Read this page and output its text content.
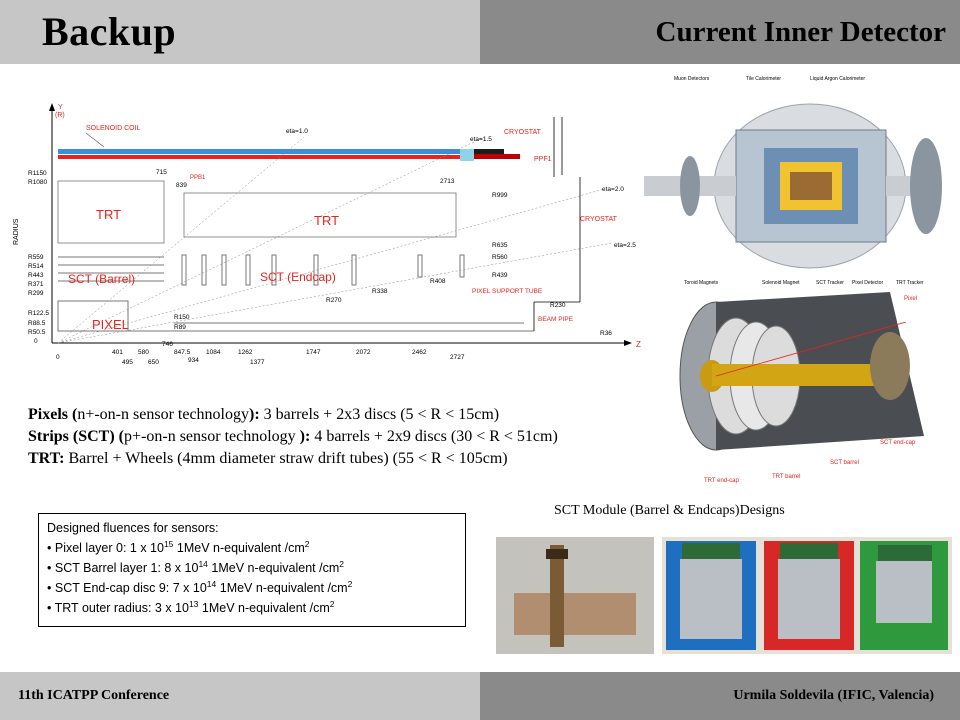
Backup	Current Inner Detector
Y
(R)
Z
RADIUS
SOLENOID COIL
CRYOSTAT
PPF1
PPB1
TRT	TRT
SCT (Barrel)	SCT (Endcap)
PIXEL
PIXEL SUPPORT TUBE
BEAM PIPE
CRYOSTAT
eta=1.0
eta=1.5
eta=2.0
eta=2.5
R1150
R1080
R559
R514
R443
R371
R299
R122.5
R88.5
R50.5
0
715
839
2713
R999
R635
R560
R439
R408
R338
R270
R230
R150
R89
R36
0
401 580
746
847.5 1084	1262	1747	2072	2462
2727
495 650	934	1377
Muon Detectors	Tile Calorimeter	Liquid Argon Calorimeter
Toroid Magnets	Solenoid Magnet	SCT Tracker Pixel Detector	TRT Tracker
Pixel
SCT end-cap
SCT barrel
TRT barrel
TRT end-cap
Pixels (n+-on-n sensor technology): 3 barrels + 2x3 discs (5 < R < 15cm)
Strips (SCT) (p+-on-n sensor technology ): 4 barrels + 2x9 discs (30 < R < 51cm)
TRT: Barrel + Wheels (4mm diameter straw drift tubes) (55 < R < 105cm)
Designed fluences for sensors:
• Pixel layer 0: 1 x $10^{15}$ 1MeV n-equivalent $/cm^2$
• SCT Barrel layer 1: 8 x $10^{14}$ 1MeV n-equivalent $/cm^2$
• SCT End-cap disc 9: 7 x $10^{14}$ 1MeV n-equivalent $/cm^2$
• TRT outer radius: 3 x $10^{13}$ 1MeV n-equivalent $/cm^2$
SCT Module (Barrel & Endcaps)Designs
11th ICATPP Conference	Urmila Soldevila (IFIC, Valencia)
